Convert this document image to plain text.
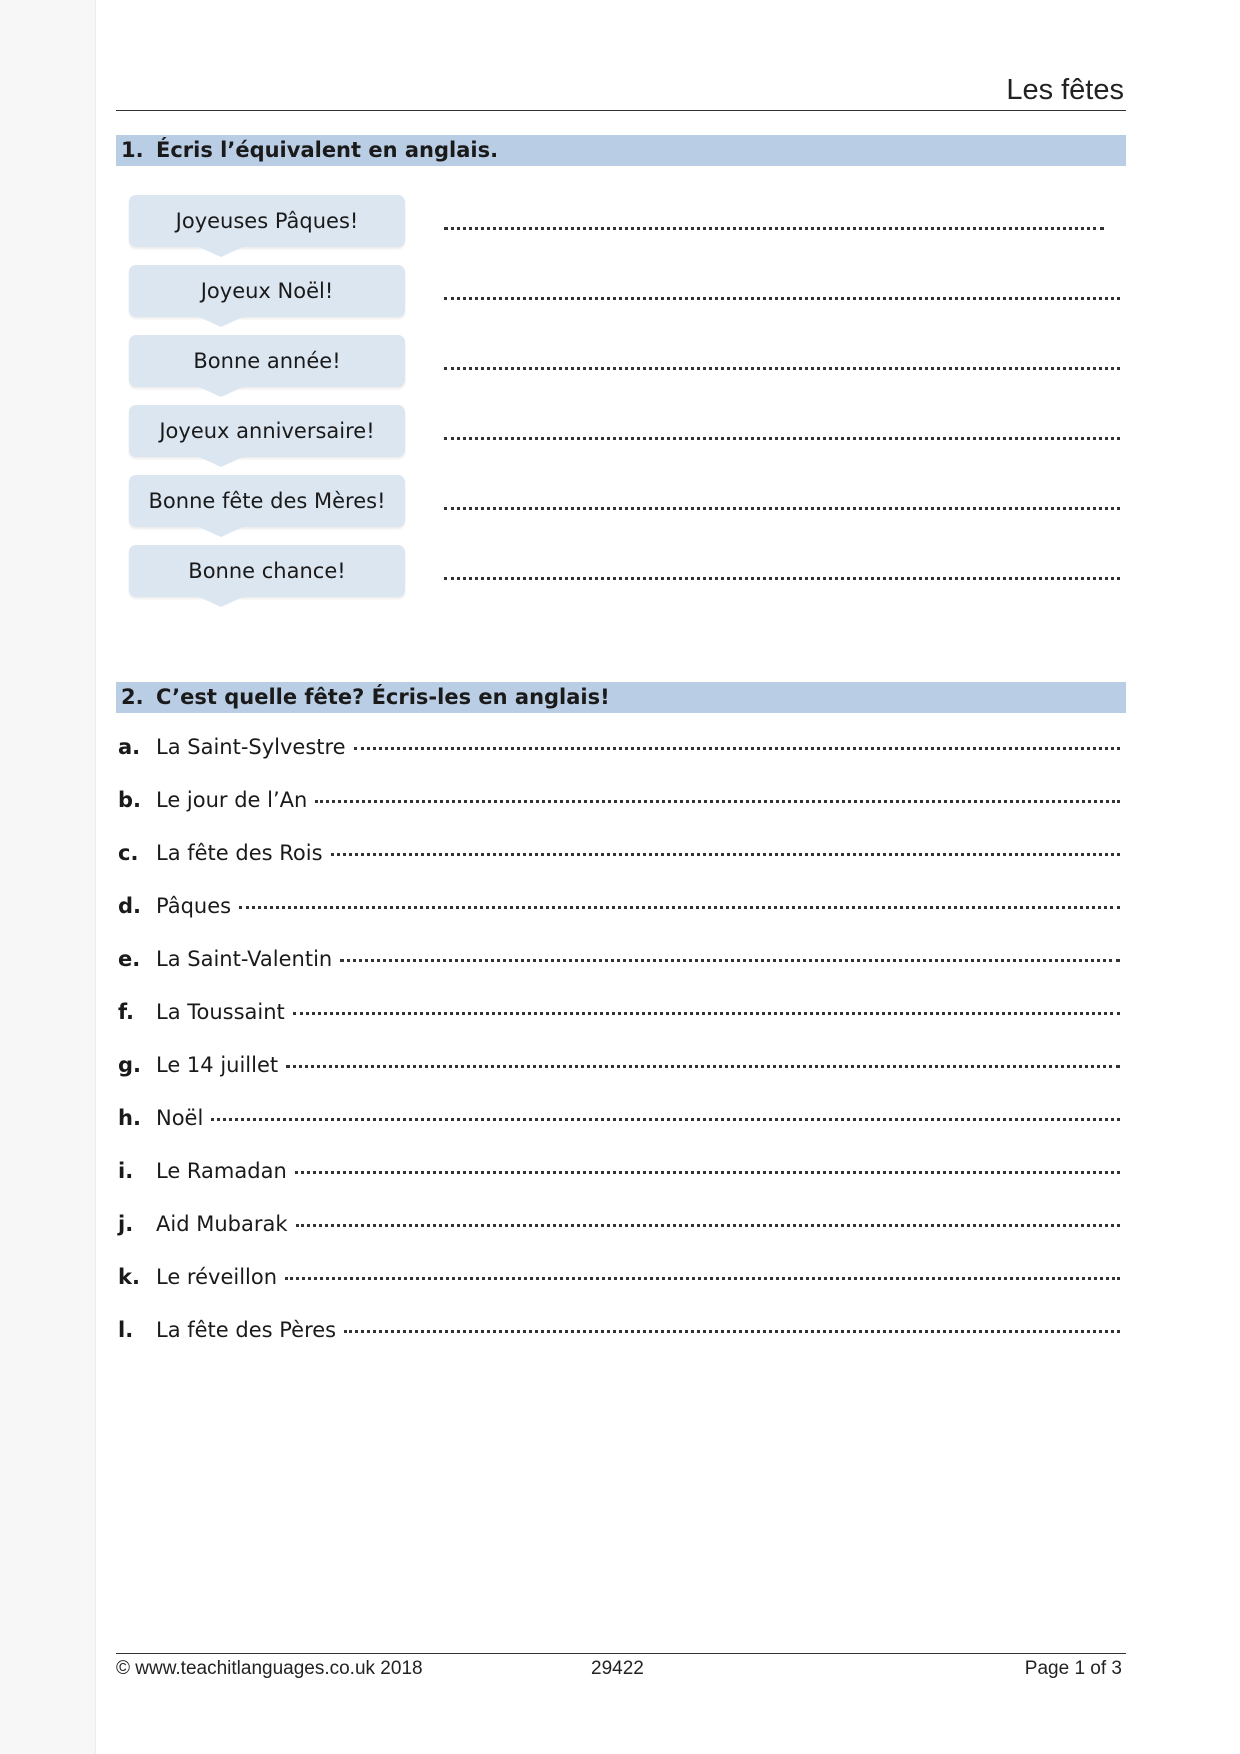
Les fêtes
1. Écris l’équivalent en anglais.
Joyeuses Pâques!
Joyeux Noël!
Bonne année!
Joyeux anniversaire!
Bonne fête des Mères!
Bonne chance!
2. C’est quelle fête? Écris-les en anglais!
a. La Saint-Sylvestre
b. Le jour de l’An
c. La fête des Rois
d. Pâques
e. La Saint-Valentin
f.	La Toussaint
g. Le 14 juillet
h. Noël
i.	Le Ramadan
j.	Aid Mubarak
k. Le réveillon
l.	La fête des Pères
© www.teachitlanguages.co.uk 2018	29422	Page 1 of 3
